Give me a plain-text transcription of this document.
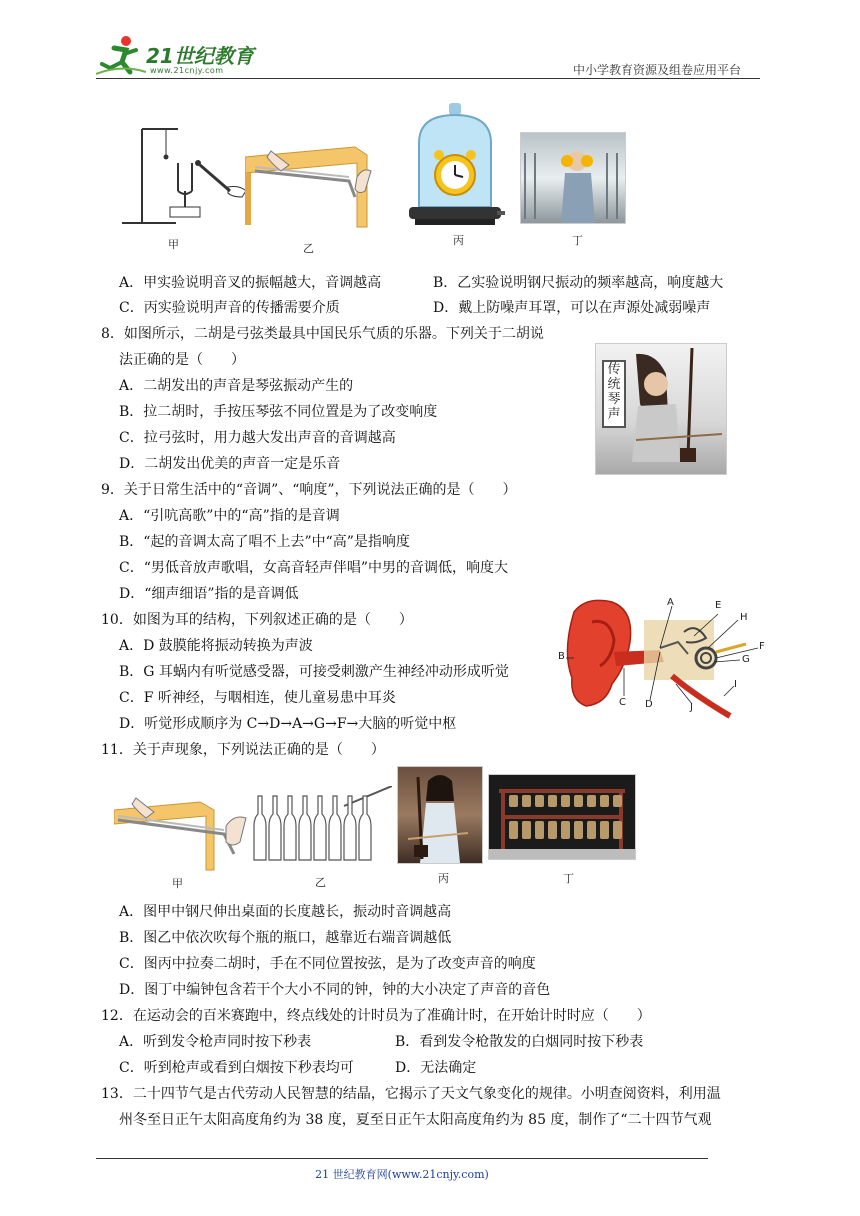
21世纪教育
www.21cnjy.com	中小学教育资源及组卷应用平台
甲	乙
丙	丁
A．甲实验说明音叉的振幅越大，音调越高	B．乙实验说明钢尺振动的频率越高，响度越大
C．丙实验说明声音的传播需要介质	D．戴上防噪声耳罩，可以在声源处减弱噪声
8．如图所示，二胡是弓弦类最具中国民乐气质的乐器。下列关于二胡说
法正确的是（　　）
A．二胡发出的声音是琴弦振动产生的
B．拉二胡时，手按压琴弦不同位置是为了改变响度
C．拉弓弦时，用力越大发出声音的音调越高
D．二胡发出优美的声音一定是乐音
传统琴声
9．关于日常生活中的“音调”、“响度”，下列说法正确的是（　　）
A．“引吭高歌”中的“高”指的是音调
B．“起的音调太高了唱不上去”中“高”是指响度
C．“男低音放声歌唱，女高音轻声伴唱”中男的音调低，响度大
D．“细声细语”指的是音调低
10．如图为耳的结构，下列叙述正确的是（　　）
A．D 鼓膜能将振动转换为声波
B．G 耳蜗内有听觉感受器，可接受刺激产生神经冲动形成听觉
C．F 听神经，与咽相连，使儿童易患中耳炎
D．听觉形成顺序为 C→D→A→G→F→大脑的听觉中枢
A
B
C D
E
F
G
H
I
J
11．关于声现象，下列说法正确的是（　　）
甲	乙	丙	丁
A．图甲中钢尺伸出桌面的长度越长，振动时音调越高
B．图乙中依次吹每个瓶的瓶口，越靠近右端音调越低
C．图丙中拉奏二胡时，手在不同位置按弦，是为了改变声音的响度
D．图丁中编钟包含若干个大小不同的钟，钟的大小决定了声音的音色
12．在运动会的百米赛跑中，终点线处的计时员为了准确计时，在开始计时时应（　　）
A．听到发令枪声同时按下秒表	B．看到发令枪散发的白烟同时按下秒表
C．听到枪声或看到白烟按下秒表均可	D．无法确定
13．二十四节气是古代劳动人民智慧的结晶，它揭示了天文气象变化的规律。小明查阅资料，利用温
州冬至日正午太阳高度角约为 38 度，夏至日正午太阳高度角约为 85 度，制作了“二十四节气观
21 世纪教育网(www.21cnjy.com)
